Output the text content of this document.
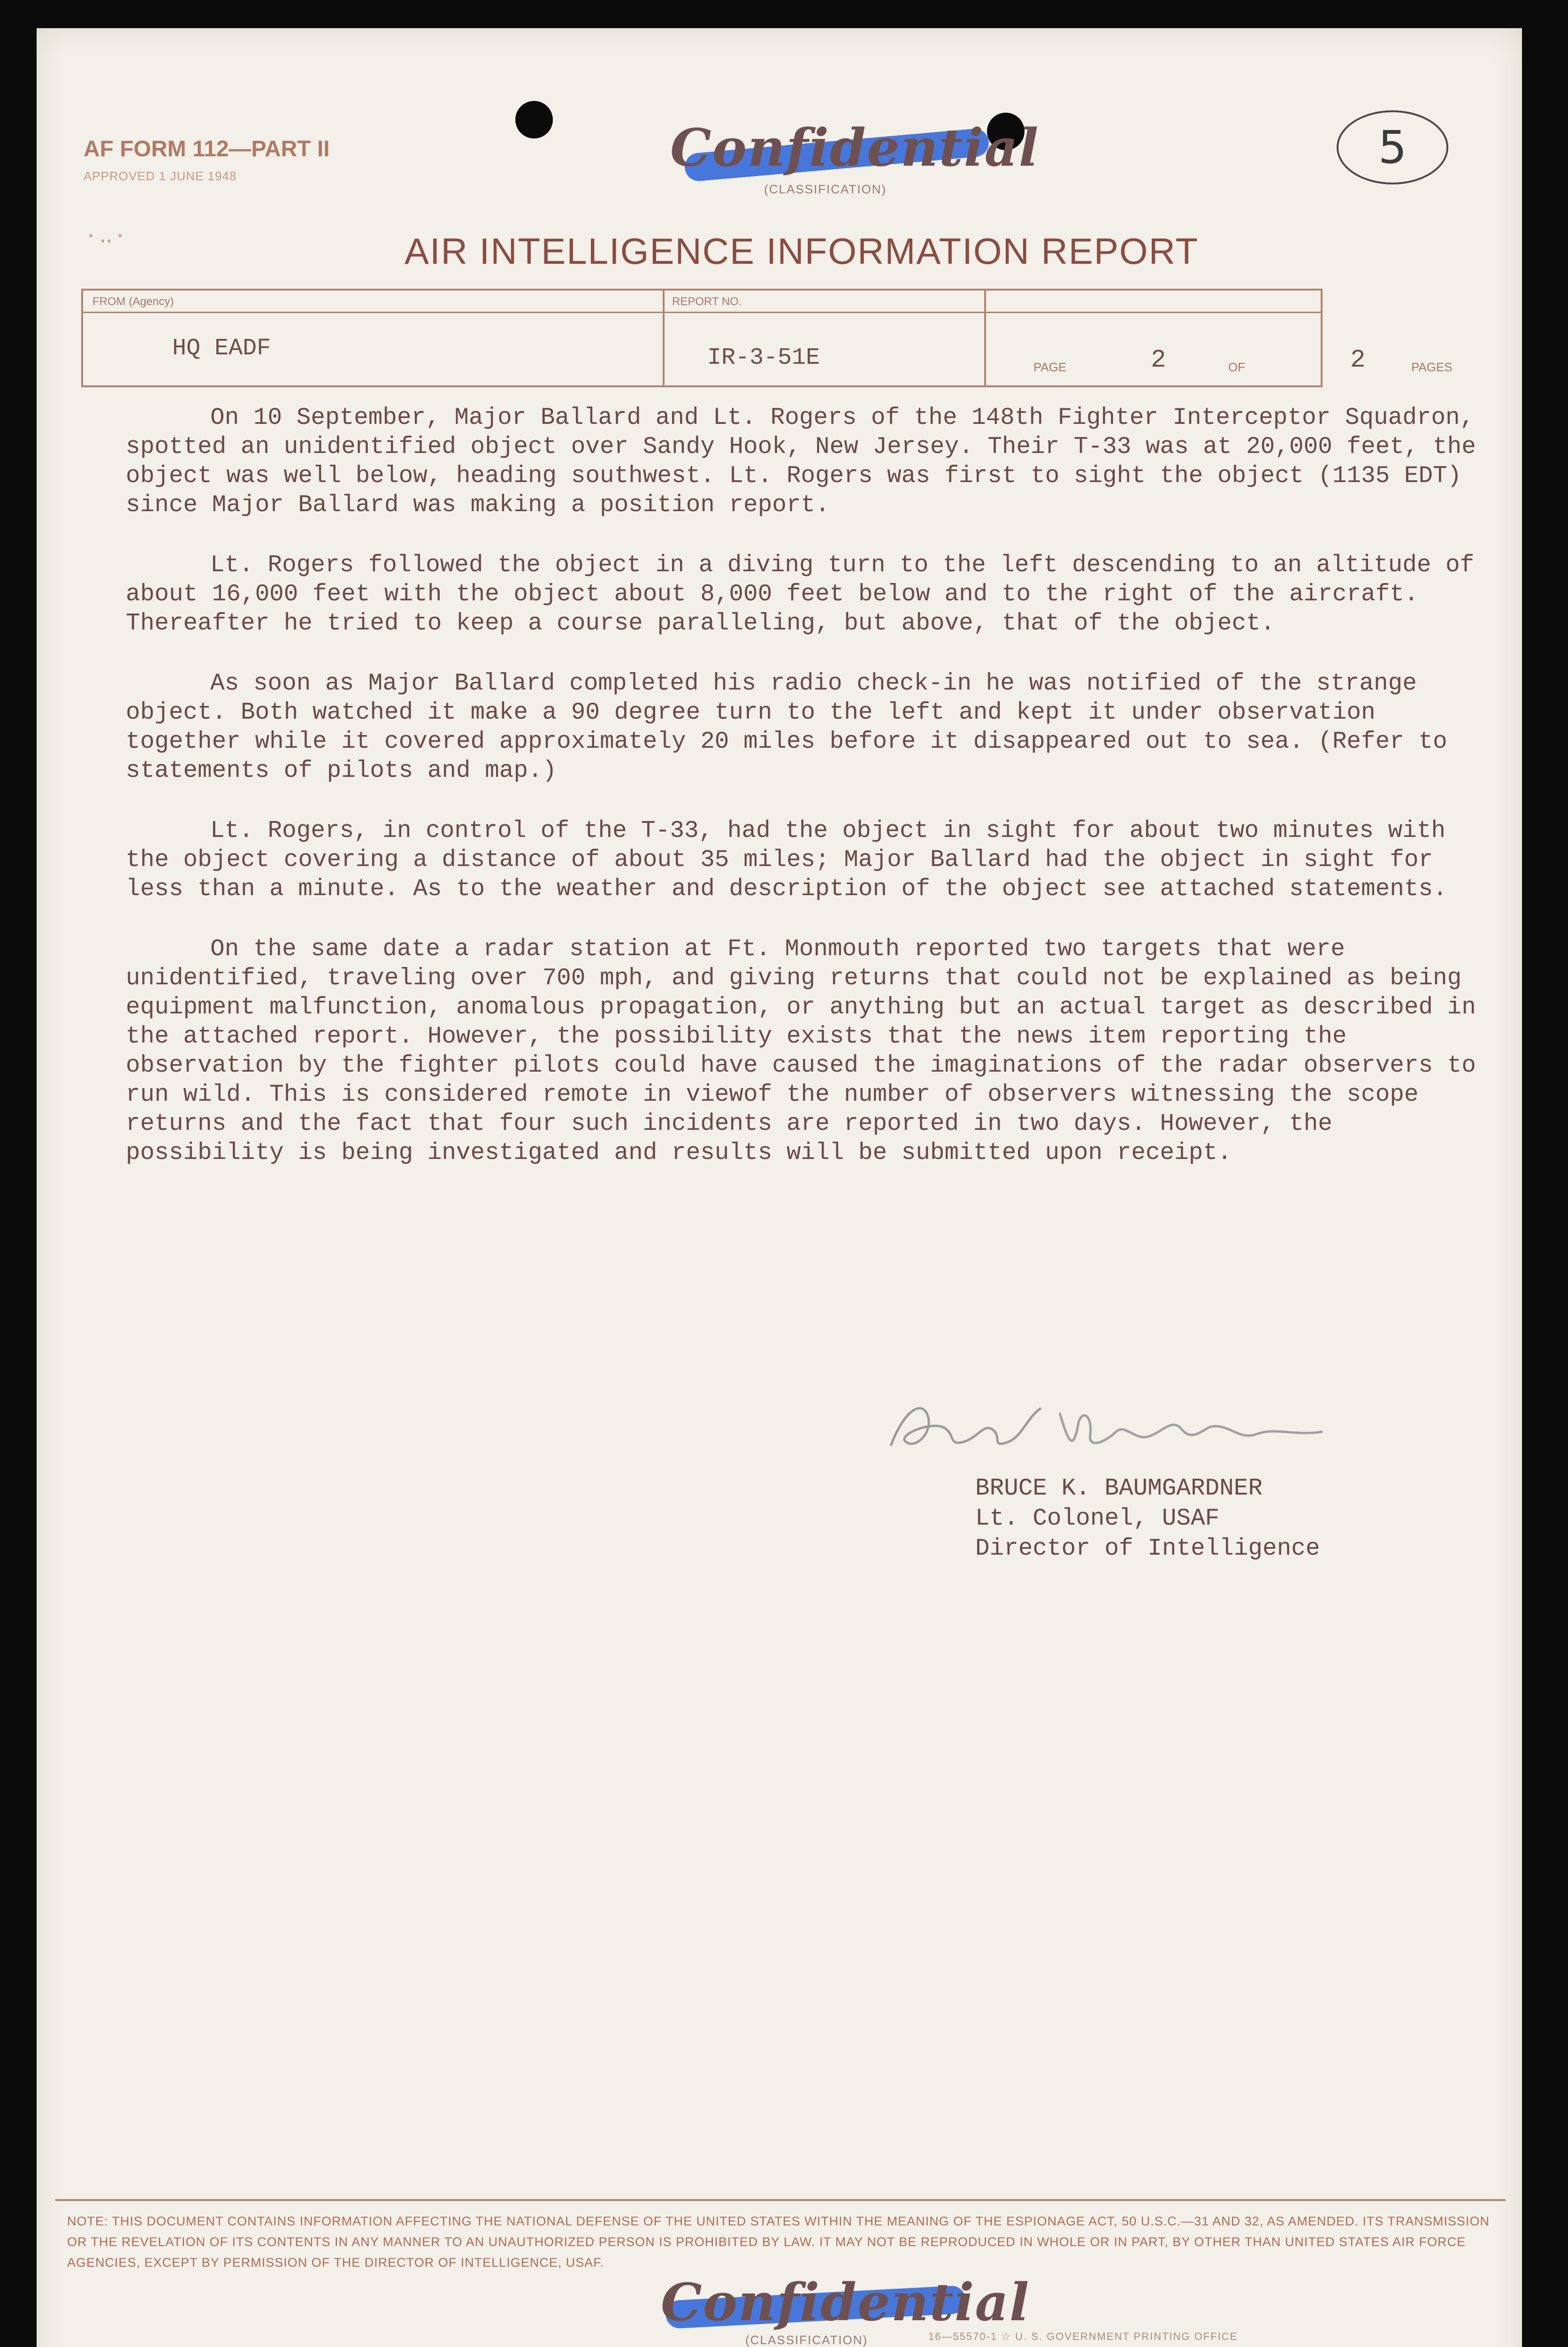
AF FORM 112—PART II
APPROVED 1 JUNE 1948
· ‥ ·
Confidential
(CLASSIFICATION)
5
AIR INTELLIGENCE INFORMATION REPORT
FROM (Agency)
HQ EADF
REPORT NO.
IR-3-51E	PAGE	2	OF	2	PAGES

On 10 September, Major Ballard and Lt. Rogers of the 148th Fighter Interceptor Squadron, spotted an unidentified object over Sandy Hook, New Jersey. Their T-33 was at 20,000 feet, the object was well below, heading southwest. Lt. Rogers was first to sight the object (1135 EDT) since Major Ballard was making a position report.

Lt. Rogers followed the object in a diving turn to the left descending to an altitude of about 16,000 feet with the object about 8,000 feet below and to the right of the aircraft. Thereafter he tried to keep a course paralleling, but above, that of the object.

As soon as Major Ballard completed his radio check-in he was notified of the strange object. Both watched it make a 90 degree turn to the left and kept it under observation together while it covered approximately 20 miles before it disappeared out to sea. (Refer to statements of pilots and map.)

Lt. Rogers, in control of the T-33, had the object in sight for about two minutes with the object covering a distance of about 35 miles; Major Ballard had the object in sight for less than a minute. As to the weather and description of the object see attached statements.

On the same date a radar station at Ft. Monmouth reported two targets that were unidentified, traveling over 700 mph, and giving returns that could not be explained as being equipment malfunction, anomalous propagation, or anything but an actual target as described in the attached report. However, the possibility exists that the news item reporting the observation by the fighter pilots could have caused the imaginations of the radar observers to run wild. This is considered remote in viewof the number of observers witnessing the scope returns and the fact that four such incidents are reported in two days. However, the possibility is being investigated and results will be submitted upon receipt.

BRUCE K. BAUMGARDNER
Lt. Colonel, USAF
Director of Intelligence
NOTE: THIS DOCUMENT CONTAINS INFORMATION AFFECTING THE NATIONAL DEFENSE OF THE UNITED STATES WITHIN THE MEANING OF THE ESPIONAGE ACT, 50 U.S.C.—31 AND 32, AS AMENDED. ITS TRANSMISSION OR THE REVELATION OF ITS CONTENTS IN ANY MANNER TO AN UNAUTHORIZED PERSON IS PROHIBITED BY LAW. IT MAY NOT BE REPRODUCED IN WHOLE OR IN PART, BY OTHER THAN UNITED STATES AIR FORCE AGENCIES, EXCEPT BY PERMISSION OF THE DIRECTOR OF INTELLIGENCE, USAF.
Confidential
(CLASSIFICATION)	16—55570-1 ☆ U. S. GOVERNMENT PRINTING OFFICE
